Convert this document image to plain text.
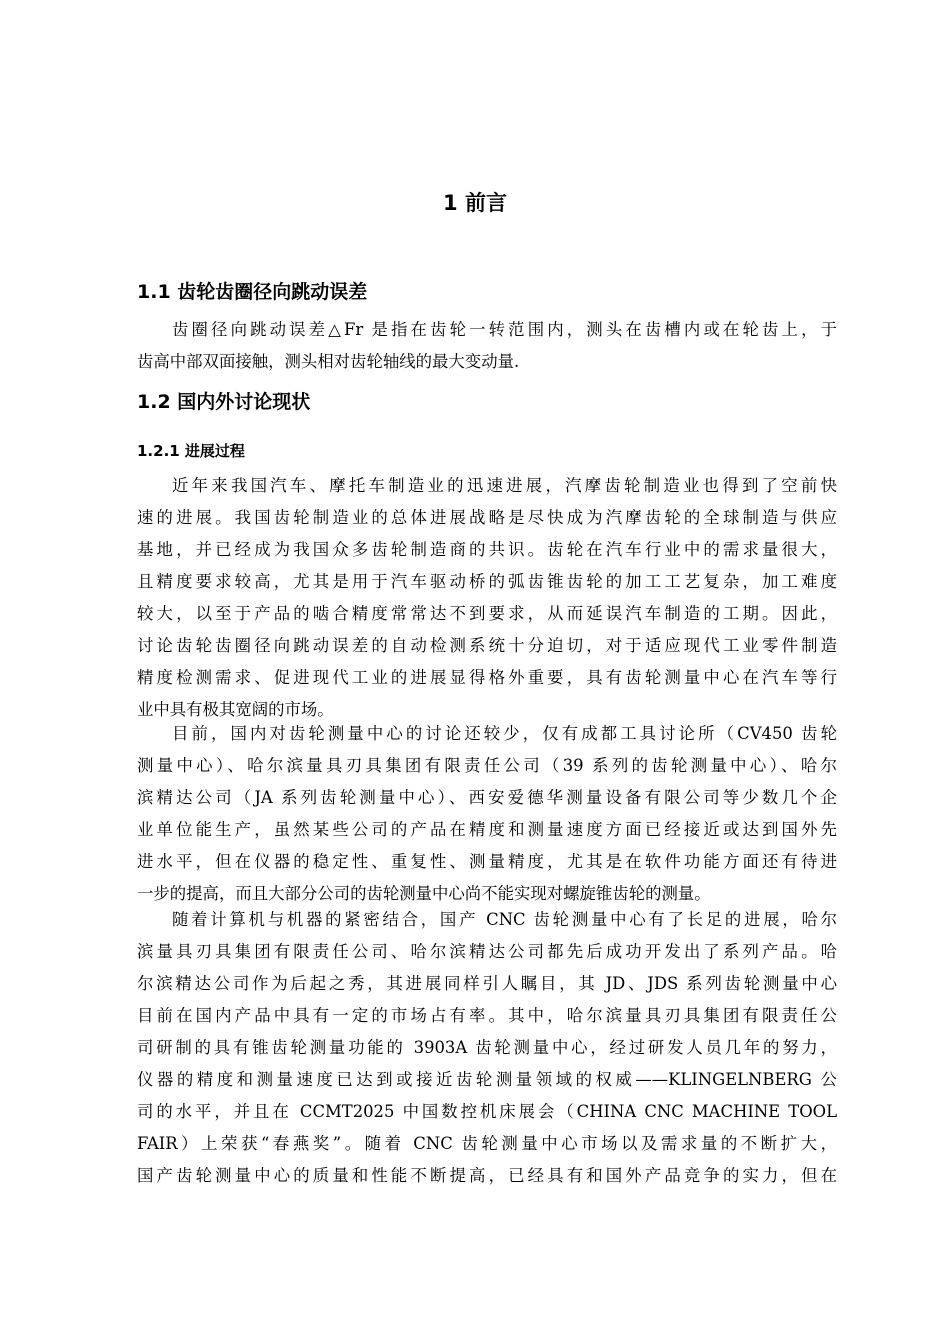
1 前言
1.1 齿轮齿圈径向跳动误差
齿圈径向跳动误差△Fr 是指在齿轮一转范围内，测头在齿槽内或在轮齿上，于
齿高中部双面接触，测头相对齿轮轴线的最大变动量.
1.2 国内外讨论现状
1.2.1 进展过程
近年来我国汽车、摩托车制造业的迅速进展，汽摩齿轮制造业也得到了空前快
速的进展。我国齿轮制造业的总体进展战略是尽快成为汽摩齿轮的全球制造与供应
基地，并已经成为我国众多齿轮制造商的共识。齿轮在汽车行业中的需求量很大，
且精度要求较高，尤其是用于汽车驱动桥的弧齿锥齿轮的加工工艺复杂，加工难度
较大，以至于产品的啮合精度常常达不到要求，从而延误汽车制造的工期。因此，
讨论齿轮齿圈径向跳动误差的自动检测系统十分迫切，对于适应现代工业零件制造
精度检测需求、促进现代工业的进展显得格外重要，具有齿轮测量中心在汽车等行
业中具有极其宽阔的市场。
目前，国内对齿轮测量中心的讨论还较少，仅有成都工具讨论所（CV450 齿轮
测量中心）、哈尔滨量具刃具集团有限责任公司（39 系列的齿轮测量中心）、哈尔
滨精达公司（JA 系列齿轮测量中心）、西安爱德华测量设备有限公司等少数几个企
业单位能生产，虽然某些公司的产品在精度和测量速度方面已经接近或达到国外先
进水平，但在仪器的稳定性、重复性、测量精度，尤其是在软件功能方面还有待进
一步的提高，而且大部分公司的齿轮测量中心尚不能实现对螺旋锥齿轮的测量。
随着计算机与机器的紧密结合，国产 CNC 齿轮测量中心有了长足的进展，哈尔
滨量具刃具集团有限责任公司、哈尔滨精达公司都先后成功开发出了系列产品。哈
尔滨精达公司作为后起之秀，其进展同样引人瞩目，其 JD、JDS 系列齿轮测量中心
目前在国内产品中具有一定的市场占有率。其中，哈尔滨量具刃具集团有限责任公
司研制的具有锥齿轮测量功能的 3903A 齿轮测量中心，经过研发人员几年的努力，
仪器的精度和测量速度已达到或接近齿轮测量领域的权威——KLINGELNBERG 公
司的水平，并且在 CCMT2025 中国数控机床展会（CHINA CNC MACHINE TOOL
FAIR）上荣获“春燕奖”。随着 CNC 齿轮测量中心市场以及需求量的不断扩大，
国产齿轮测量中心的质量和性能不断提高，已经具有和国外产品竞争的实力，但在
